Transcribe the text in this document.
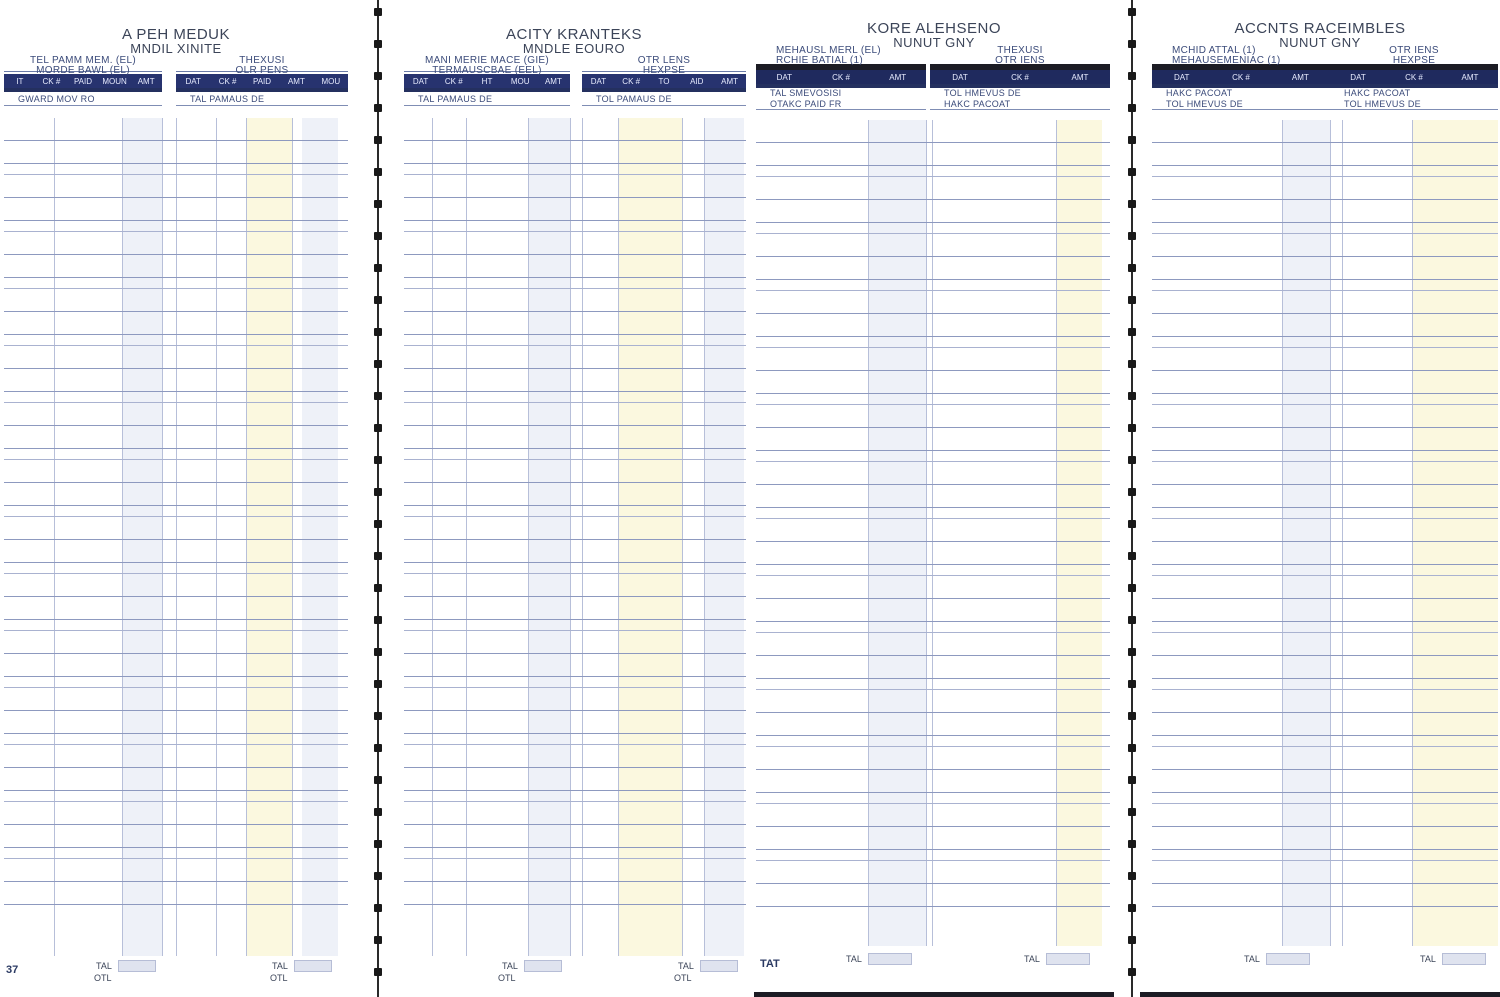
A PEH MEDUK
MNDIL XINITE
TEL PAMM MEM. (EL)
MORDE BAWL (EL)
IT	CK #	PAID	MOUN	AMT
GWARD MOV RO
THEXUSI
OLR PENS
DAT	CK #	PAID	AMT	MOU
TAL PAMAUS DE
TAL	TAL
OTL	OTL
37
ACITY KRANTEKS
MNDLE EOURO
MANI MERIE MACE (GIE)
TERMAUSCBAE (EEL)
DAT	CK #	HT	MOU	AMT
TAL PAMAUS DE
OTR LENS
HEXPSE
DAT	CK #	TO	AID	AMT
TOL PAMAUS DE
TAL	TAL
OTL	OTL
KORE ALEHSENO
NUNUT GNY
MEHAUSL MERL (EL)
RCHIE BATIAL (1)
DAT	CK #	AMT
TAL SMEVOSISI
OTAKC PAID FR
THEXUSI
OTR IENS
DAT	CK #	AMT
TOL HMEVUS DE
HAKC PACOAT
TAL	TAL
TAT
ACCNTS RACEIMBLES
NUNUT GNY
MCHID ATTAL (1)
MEHAUSEMENIAC (1)
DAT	CK #	AMT
HAKC PACOAT
TOL HMEVUS DE
OTR IENS
HEXPSE
DAT	CK #	AMT
HAKC PACOAT
TOL HMEVUS DE
TAL	TAL
